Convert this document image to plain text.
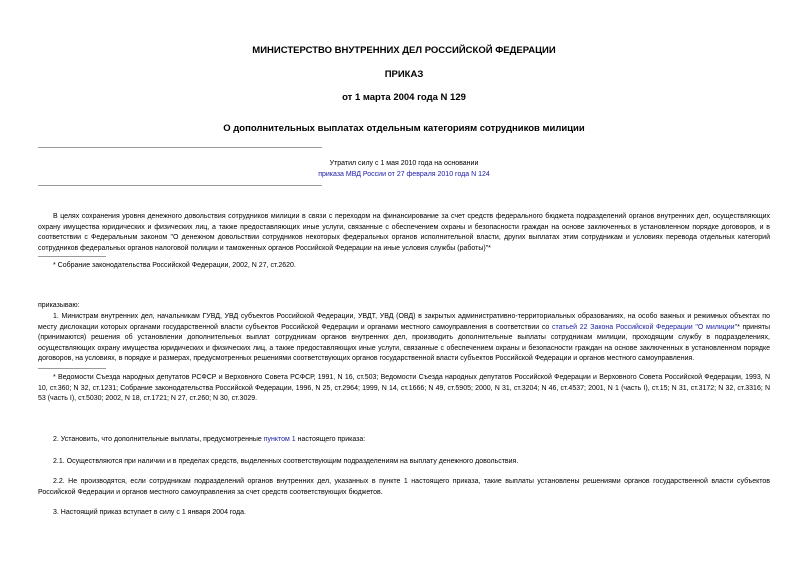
МИНИСТЕРСТВО ВНУТРЕННИХ ДЕЛ РОССИЙСКОЙ ФЕДЕРАЦИИ
ПРИКАЗ
от 1 марта 2004 года N 129
О дополнительных выплатах отдельным категориям сотрудников милиции
Утратил силу с 1 мая 2010 года на основании
приказа МВД России от 27 февраля 2010 года N 124
В целях сохранения уровня денежного довольствия сотрудников милиции в связи с переходом на финансирование за счет средств федерального бюджета подразделений органов внутренних дел, осуществляющих охрану имущества юридических и физических лиц, а также предоставляющих иные услуги, связанные с обеспечением охраны и безопасности граждан на основе заключенных в установленном порядке договоров, и в соответствии с Федеральным законом "О денежном довольствии сотрудников некоторых федеральных органов исполнительной власти, других выплатах этим сотрудникам и условиях перевода отдельных категорий сотрудников федеральных органов налоговой полиции и таможенных органов Российской Федерации на иные условия службы (работы)"*
* Собрание законодательства Российской Федерации, 2002, N 27, ст.2620.
приказываю:
1. Министрам внутренних дел, начальникам ГУВД, УВД субъектов Российской Федерации, УВДТ, УВД (ОВД) в закрытых административно-территориальных образованиях, на особо важных и режимных объектах по месту дислокации которых органами государственной власти субъектов Российской Федерации и органами местного самоуправления в соответствии со статьей 22 Закона Российской Федерации "О милиции"* приняты (принимаются) решения об установлении дополнительных выплат сотрудникам органов внутренних дел, производить дополнительные выплаты сотрудникам милиции, проходящим службу в подразделениях, осуществляющих охрану имущества юридических и физических лиц, а также предоставляющих иные услуги, связанные с обеспечением охраны и безопасности граждан на основе заключенных в установленном порядке договоров, на условиях, в порядке и размерах, предусмотренных решениями соответствующих органов государственной власти субъектов Российской Федерации и органов местного самоуправления.
* Ведомости Съезда народных депутатов РСФСР и Верховного Совета РСФСР, 1991, N 16, ст.503; Ведомости Съезда народных депутатов Российской Федерации и Верховного Совета Российской Федерации, 1993, N 10, ст.360; N 32, ст.1231; Собрание законодательства Российской Федерации, 1996, N 25, ст.2964; 1999, N 14, ст.1666; N 49, ст.5905; 2000, N 31, ст.3204; N 46, ст.4537; 2001, N 1 (часть I), ст.15; N 31, ст.3172; N 32, ст.3316; N 53 (часть I), ст.5030; 2002, N 18, ст.1721; N 27, ст.260; N 30, ст.3029.
2. Установить, что дополнительные выплаты, предусмотренные пунктом 1 настоящего приказа:
2.1. Осуществляются при наличии и в пределах средств, выделенных соответствующим подразделениям на выплату денежного довольствия.
2.2. Не производятся, если сотрудникам подразделений органов внутренних дел, указанных в пункте 1 настоящего приказа, такие выплаты установлены решениями органов государственной власти субъектов Российской Федерации и органов местного самоуправления за счет средств соответствующих бюджетов.
3. Настоящий приказ вступает в силу с 1 января 2004 года.
